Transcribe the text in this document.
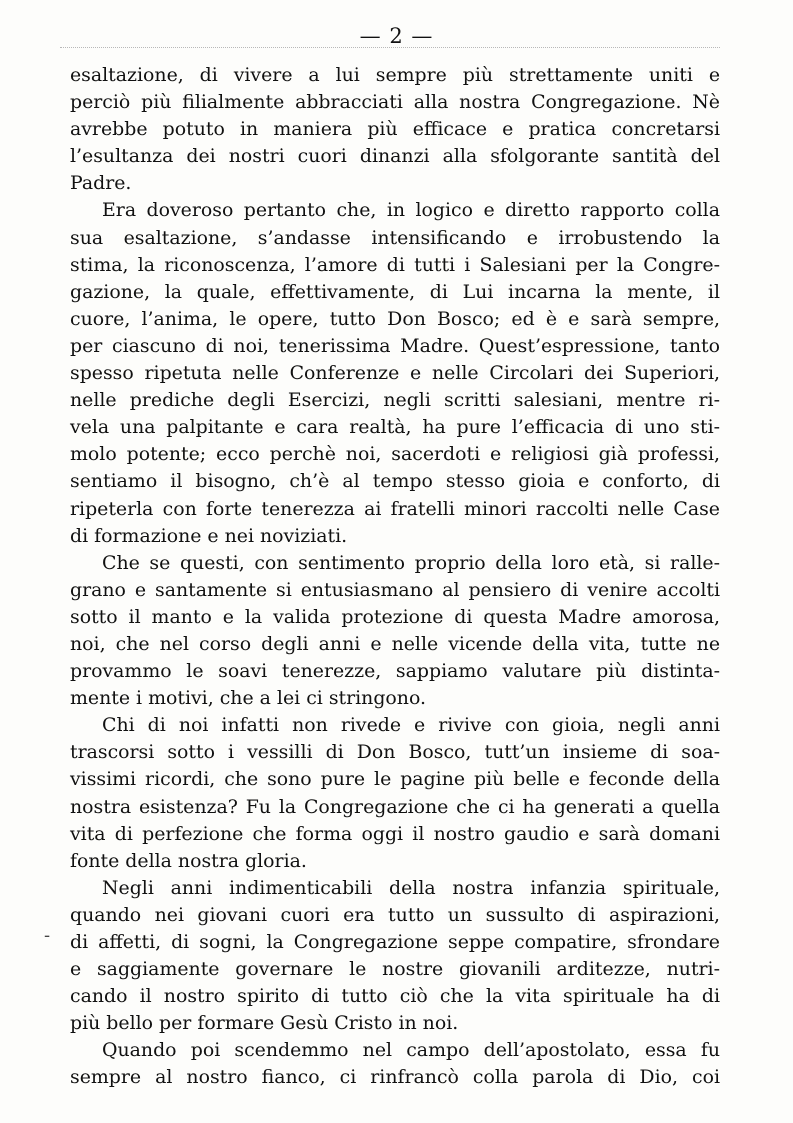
— 2 —
-
esaltazione, di vivere a lui sempre più strettamente uniti e
perciò più filialmente abbracciati alla nostra Congregazione. Nè
avrebbe potuto in maniera più efficace e pratica concretarsi
l’esultanza dei nostri cuori dinanzi alla sfolgorante santità del
Padre.
Era doveroso pertanto che, in logico e diretto rapporto colla
sua esaltazione, s’andasse intensificando e irrobustendo la
stima, la riconoscenza, l’amore di tutti i Salesiani per la Congre-
gazione, la quale, effettivamente, di Lui incarna la mente, il
cuore, l’anima, le opere, tutto Don Bosco; ed è e sarà sempre,
per ciascuno di noi, tenerissima Madre. Quest’espressione, tanto
spesso ripetuta nelle Conferenze e nelle Circolari dei Superiori,
nelle prediche degli Esercizi, negli scritti salesiani, mentre ri-
vela una palpitante e cara realtà, ha pure l’efficacia di uno sti-
molo potente; ecco perchè noi, sacerdoti e religiosi già professi,
sentiamo il bisogno, ch’è al tempo stesso gioia e conforto, di
ripeterla con forte tenerezza ai fratelli minori raccolti nelle Case
di formazione e nei noviziati.
Che se questi, con sentimento proprio della loro età, si ralle-
grano e santamente si entusiasmano al pensiero di venire accolti
sotto il manto e la valida protezione di questa Madre amorosa,
noi, che nel corso degli anni e nelle vicende della vita, tutte ne
provammo le soavi tenerezze, sappiamo valutare più distinta-
mente i motivi, che a lei ci stringono.
Chi di noi infatti non rivede e rivive con gioia, negli anni
trascorsi sotto i vessilli di Don Bosco, tutt’un insieme di soa-
vissimi ricordi, che sono pure le pagine più belle e feconde della
nostra esistenza? Fu la Congregazione che ci ha generati a quella
vita di perfezione che forma oggi il nostro gaudio e sarà domani
fonte della nostra gloria.
Negli anni indimenticabili della nostra infanzia spirituale,
quando nei giovani cuori era tutto un sussulto di aspirazioni,
di affetti, di sogni, la Congregazione seppe compatire, sfrondare
e saggiamente governare le nostre giovanili arditezze, nutri-
cando il nostro spirito di tutto ciò che la vita spirituale ha di
più bello per formare Gesù Cristo in noi.
Quando poi scendemmo nel campo dell’apostolato, essa fu
sempre al nostro fianco, ci rinfrancò colla parola di Dio, coi
